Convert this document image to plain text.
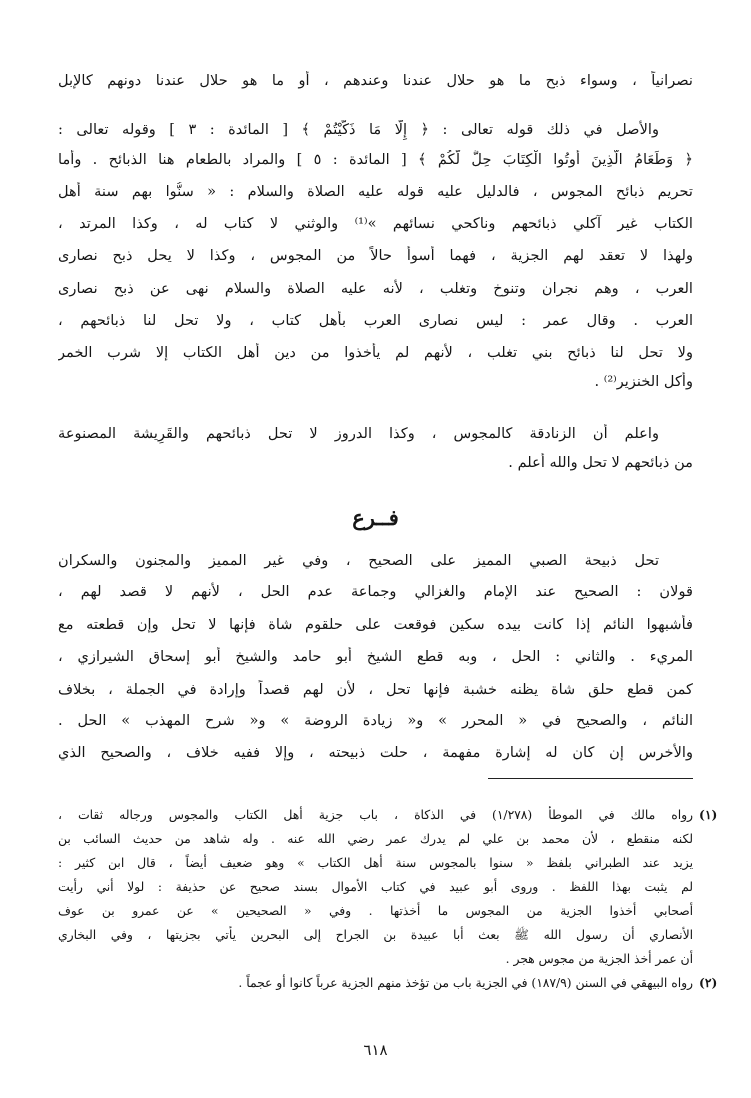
نصرانياً ، وسواء ذبح ما هو حلال عندنا وعندهم ، أو ما هو حلال عندنا دونهم كالإبل
والأصل في ذلك قوله تعالى : ﴿ إِلَّا مَا ذَكَّيْتُمْ ﴾ [ المائدة : ٣ ] وقوله تعالى :
﴿ وَطَعَامُ الَّذِينَ أُوتُوا الْكِتَابَ حِلٌّ لَّكُمْ ﴾ [ المائدة : ٥ ] والمراد بالطعام هنا الذبائح . وأما
تحريم ذبائح المجوس ، فالدليل عليه قوله عليه الصلاة والسلام : « سنُّوا بهم سنة أهل
الكتاب غير آكلي ذبائحهم وناكحي نسائهم »⁽¹⁾ والوثني لا كتاب له ، وكذا المرتد ،
ولهذا لا تعقد لهم الجزية ، فهما أسوأ حالاً من المجوس ، وكذا لا يحل ذبح نصارى
العرب ، وهم نجران وتنوخ وتغلب ، لأنه عليه الصلاة والسلام نهى عن ذبح نصارى
العرب . وقال عمر : ليس نصارى العرب بأهل كتاب ، ولا تحل لنا ذبائحهم ،
ولا تحل لنا ذبائح بني تغلب ، لأنهم لم يأخذوا من دين أهل الكتاب إلا شرب الخمر
وأكل الخنزير⁽²⁾ .
واعلم أن الزنادقة كالمجوس ، وكذا الدروز لا تحل ذبائحهم والقَرِيشة المصنوعة
من ذبائحهم لا تحل والله أعلم .
فــرع
تحل ذبيحة الصبي المميز على الصحيح ، وفي غير المميز والمجنون والسكران
قولان : الصحيح عند الإمام والغزالي وجماعة عدم الحل ، لأنهم لا قصد لهم ،
فأشبهوا النائم إذا كانت بيده سكين فوقعت على حلقوم شاة فإنها لا تحل وإن قطعته مع
المريء . والثاني : الحل ، وبه قطع الشيخ أبو حامد والشيخ أبو إسحاق الشيرازي ،
كمن قطع حلق شاة يظنه خشبة فإنها تحل ، لأن لهم قصداً وإرادة في الجملة ، بخلاف
النائم ، والصحيح في « المحرر » و« زيادة الروضة » و« شرح المهذب » الحل .
والأخرس إن كان له إشارة مفهمة ، حلت ذبيحته ، وإلا ففيه خلاف ، والصحيح الذي
(١)
رواه مالك في الموطأ (١/٢٧٨) في الذكاة ، باب جزية أهل الكتاب والمجوس ورجاله ثقات ،
لكنه منقطع ، لأن محمد بن علي لم يدرك عمر رضي الله عنه . وله شاهد من حديث السائب بن
يزيد عند الطبراني بلفظ « سنوا بالمجوس سنة أهل الكتاب » وهو ضعيف أيضاً ، قال ابن كثير :
لم يثبت بهذا اللفظ . وروى أبو عبيد في كتاب الأموال بسند صحيح عن حذيفة : لولا أني رأيت
أصحابي أخذوا الجزية من المجوس ما أخذتها . وفي « الصحيحين » عن عمرو بن عوف
الأنصاري أن رسول الله ﷺ بعث أبا عبيدة بن الجراح إلى البحرين يأتي بجزيتها ، وفي البخاري
أن عمر أخذ الجزية من مجوس هجر .
(٢)
رواه البيهقي في السنن (١٨٧/٩) في الجزية باب من تؤخذ منهم الجزية عرباً كانوا أو عجماً .
٦١٨
